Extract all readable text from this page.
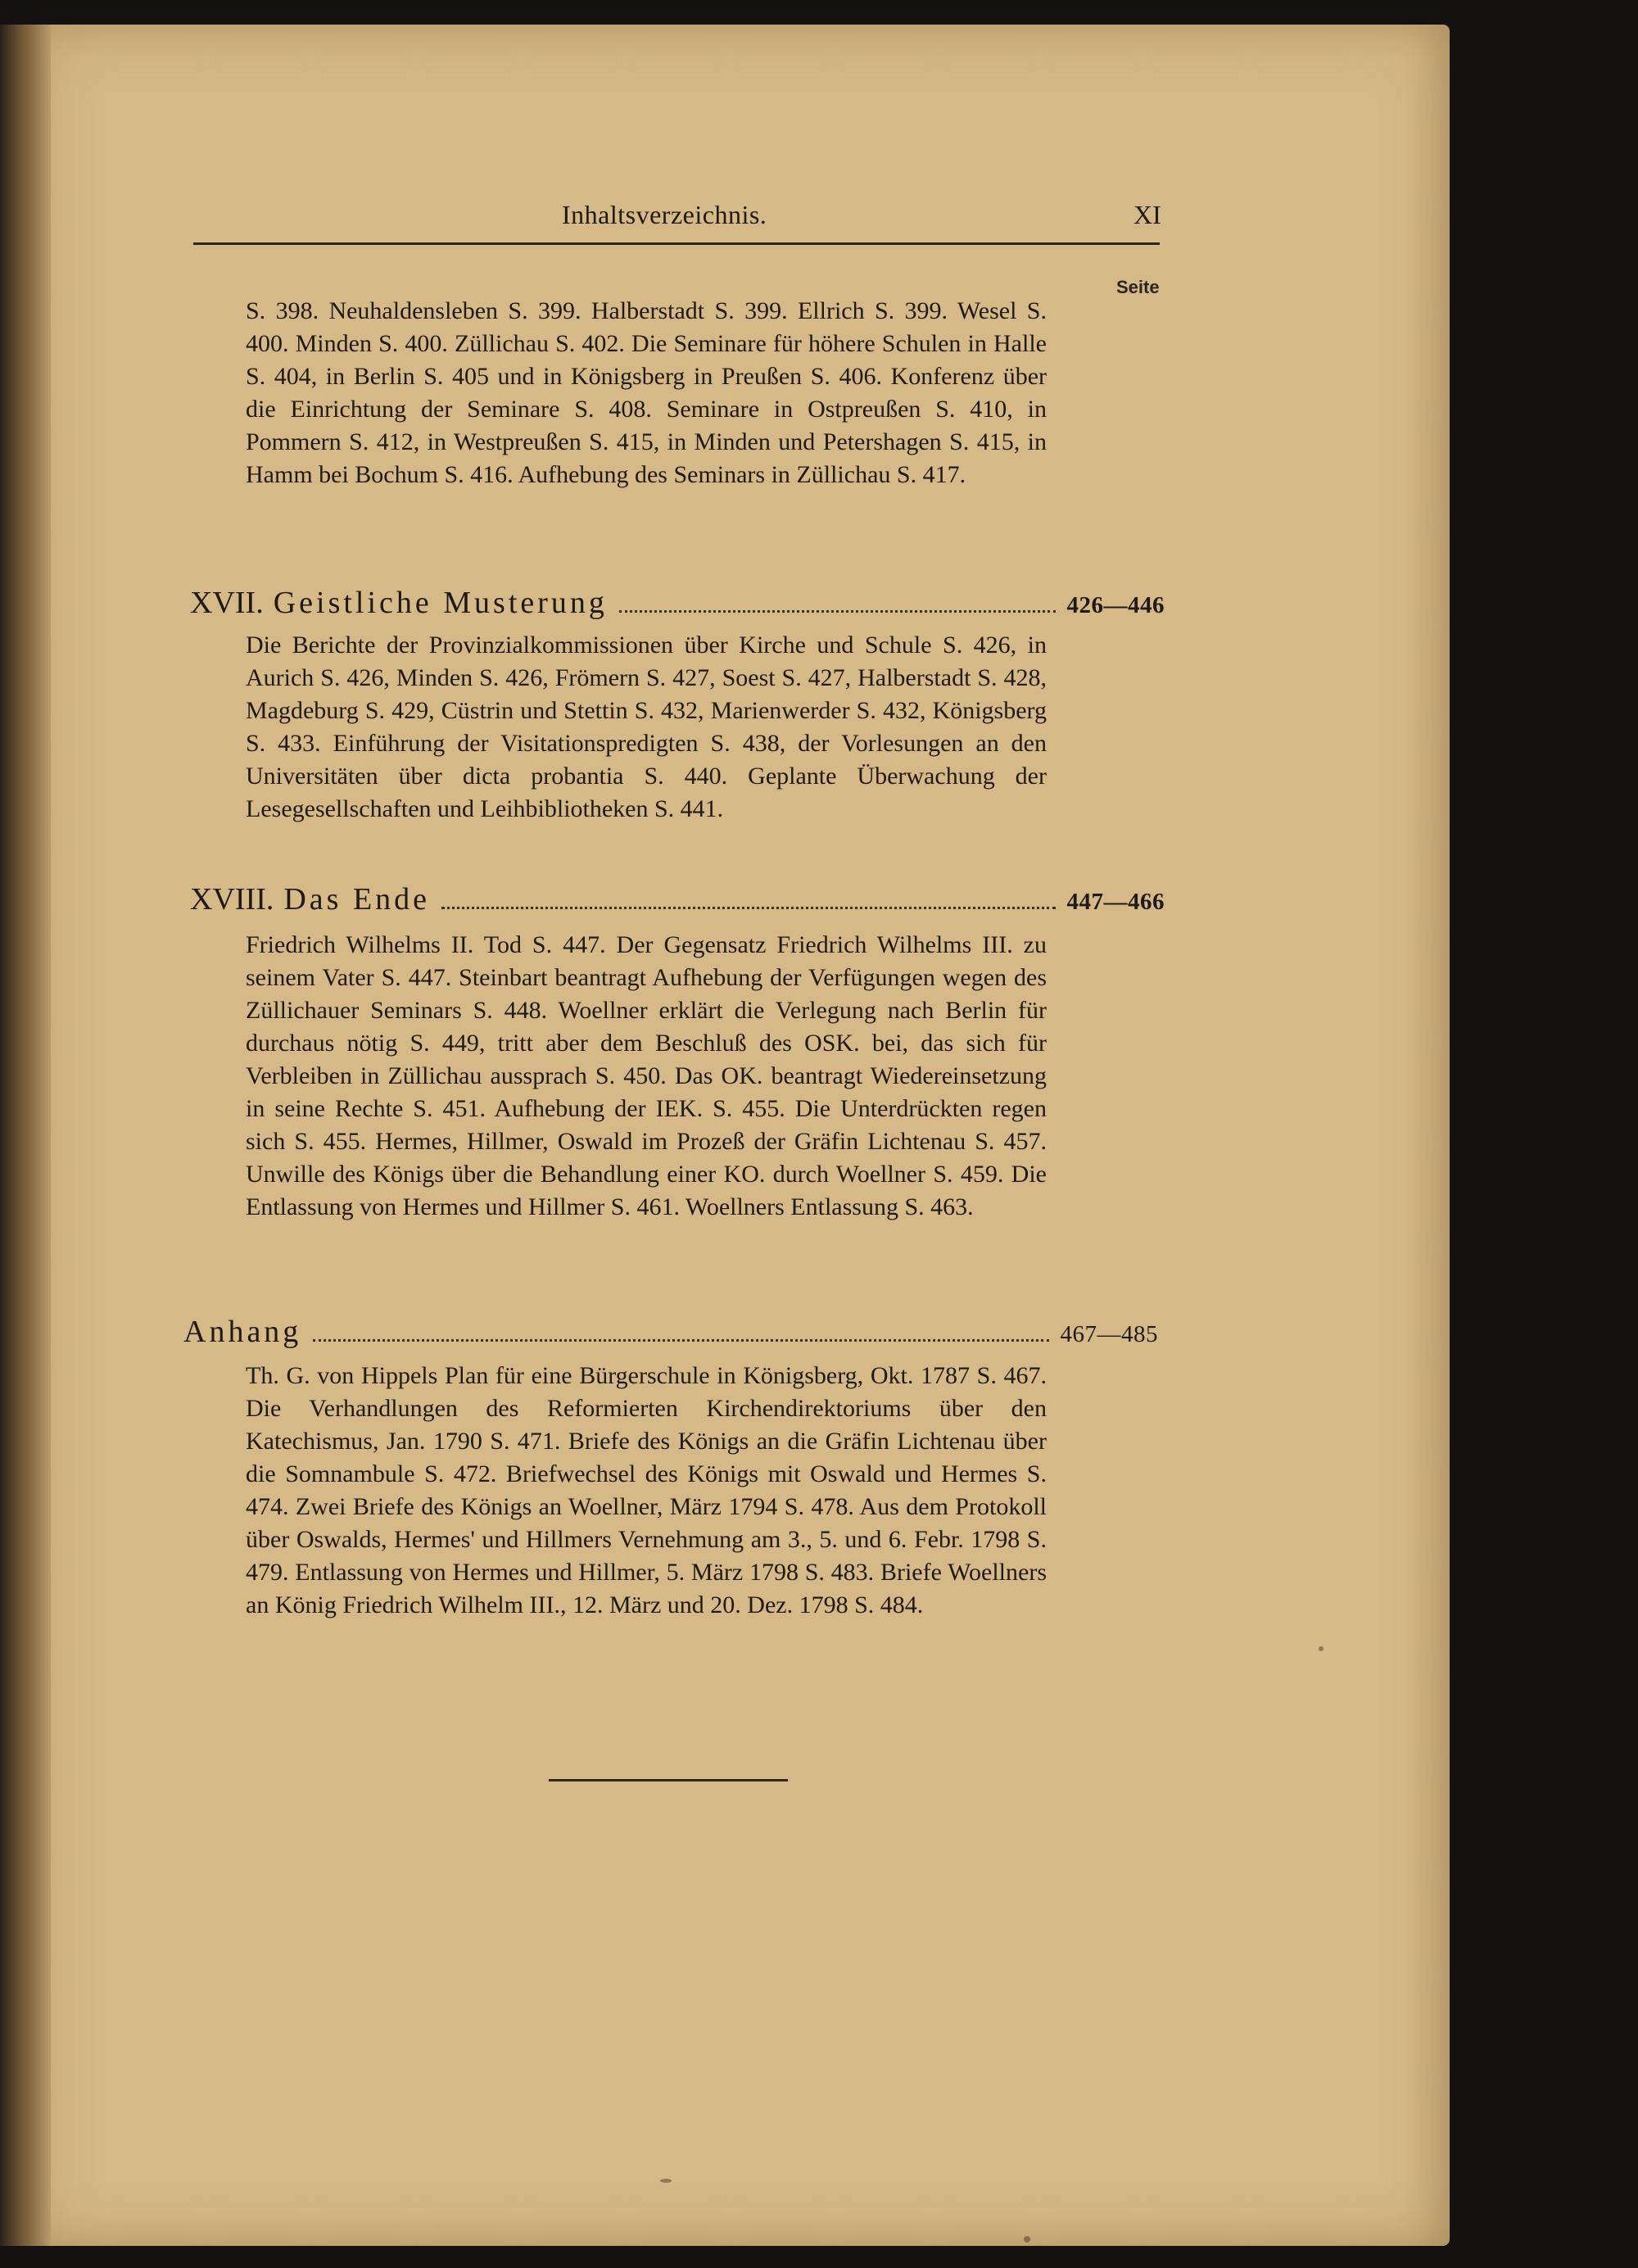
Inhaltsverzeichnis.	XI
Seite

S. 398. Neuhaldensleben S. 399. Halberstadt S. 399. Ellrich S. 399. Wesel S. 400. Minden S. 400. Züllichau S. 402. Die Seminare für höhere Schulen in Halle S. 404, in Berlin S. 405 und in Königsberg in Preußen S. 406. Konferenz über die Einrichtung der Seminare S. 408. Seminare in Ostpreußen S. 410, in Pommern S. 412, in Westpreußen S. 415, in Minden und Petershagen S. 415, in Hamm bei Bochum S. 416. Aufhebung des Seminars in Züllichau S. 417.

XVII. Geistliche Musterung	426—446

Die Berichte der Provinzialkommissionen über Kirche und Schule S. 426, in Aurich S. 426, Minden S. 426, Frömern S. 427, Soest S. 427, Halberstadt S. 428, Magdeburg S. 429, Cüstrin und Stettin S. 432, Marienwerder S. 432, Königsberg S. 433. Einführung der Visitationspredigten S. 438, der Vorlesungen an den Universitäten über dicta probantia S. 440. Geplante Überwachung der Lesegesellschaften und Leihbibliotheken S. 441.

XVIII. Das Ende	447—466

Friedrich Wilhelms II. Tod S. 447. Der Gegensatz Friedrich Wilhelms III. zu seinem Vater S. 447. Steinbart beantragt Aufhebung der Verfügungen wegen des Züllichauer Seminars S. 448. Woellner erklärt die Verlegung nach Berlin für durchaus nötig S. 449, tritt aber dem Beschluß des OSK. bei, das sich für Verbleiben in Züllichau aussprach S. 450. Das OK. beantragt Wiedereinsetzung in seine Rechte S. 451. Aufhebung der IEK. S. 455. Die Unterdrückten regen sich S. 455. Hermes, Hillmer, Oswald im Prozeß der Gräfin Lichtenau S. 457. Unwille des Königs über die Behandlung einer KO. durch Woellner S. 459. Die Entlassung von Hermes und Hillmer S. 461. Woellners Entlassung S. 463.

Anhang	467—485

Th. G. von Hippels Plan für eine Bürgerschule in Königsberg, Okt. 1787 S. 467. Die Verhandlungen des Reformierten Kirchendirektoriums über den Katechismus, Jan. 1790 S. 471. Briefe des Königs an die Gräfin Lichtenau über die Somnambule S. 472. Briefwechsel des Königs mit Oswald und Hermes S. 474. Zwei Briefe des Königs an Woellner, März 1794 S. 478. Aus dem Protokoll über Oswalds, Hermes' und Hillmers Vernehmung am 3., 5. und 6. Febr. 1798 S. 479. Entlassung von Hermes und Hillmer, 5. März 1798 S. 483. Briefe Woellners an König Friedrich Wilhelm III., 12. März und 20. Dez. 1798 S. 484.
